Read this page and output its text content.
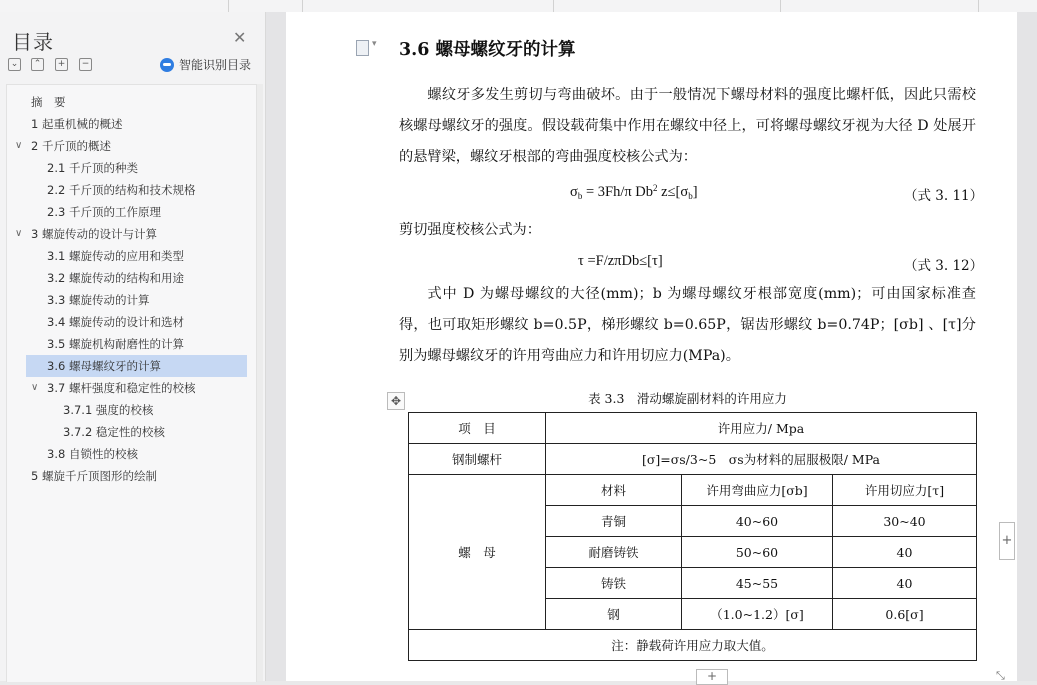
目录	✕
⌄	⌃	+	−	智能识别目录
摘　要
1 起重机械的概述
∨ 2 千斤顶的概述
2.1 千斤顶的种类
2.2 千斤顶的结构和技术规格
2.3 千斤顶的工作原理
∨ 3 螺旋传动的设计与计算
3.1 螺旋传动的应用和类型
3.2 螺旋传动的结构和用途
3.3 螺旋传动的计算
3.4 螺旋传动的设计和选材
3.5 螺旋机构耐磨性的计算
3.6 螺母螺纹牙的计算
∨ 3.7 螺杆强度和稳定性的校核
3.7.1 强度的校核
3.7.2 稳定性的校核
3.8 自锁性的校核
5 螺旋千斤顶图形的绘制
▾
3.6 螺母螺纹牙的计算
螺纹牙多发生剪切与弯曲破坏。由于一般情况下螺母材料的强度比螺杆低，因此只需校核螺母螺纹牙的强度。假设载荷集中作用在螺纹中径上，可将螺母螺纹牙视为大径 D 处展开的悬臂梁，螺纹牙根部的弯曲强度校核公式为：
$\sigma_b = 3Fh/\pi$ Db$^2$ $z\le[\sigma_b]$	（式 3. 11）
剪切强度校核公式为：
τ =F/zπDb≤[τ]	（式 3. 12）
式中 D 为螺母螺纹的大径(mm)；b 为螺母螺纹牙根部宽度(mm)；可由国家标准查得，也可取矩形螺纹 b=0.5P，梯形螺纹 b=0.65P，锯齿形螺纹 b=0.74P；[σb] 、[τ]分别为螺母螺纹牙的许用弯曲应力和许用切应力(MPa)。
✥	表 3.3　滑动螺旋副材料的许用应力
项　目	许用应力/ Mpa		
钢制螺杆	[σ]=σs/3~5　σs为材料的屈服极限/ MPa		
螺　母	材料	许用弯曲应力[σb]	许用切应力[τ]
	青铜	40~60	30~40
	耐磨铸铁	50~60	40
	铸铁	45~55	40
	钢	（1.0~1.2）[σ]	0.6[σ]
注：静载荷许用应力取大值。			
+
+	⤡
